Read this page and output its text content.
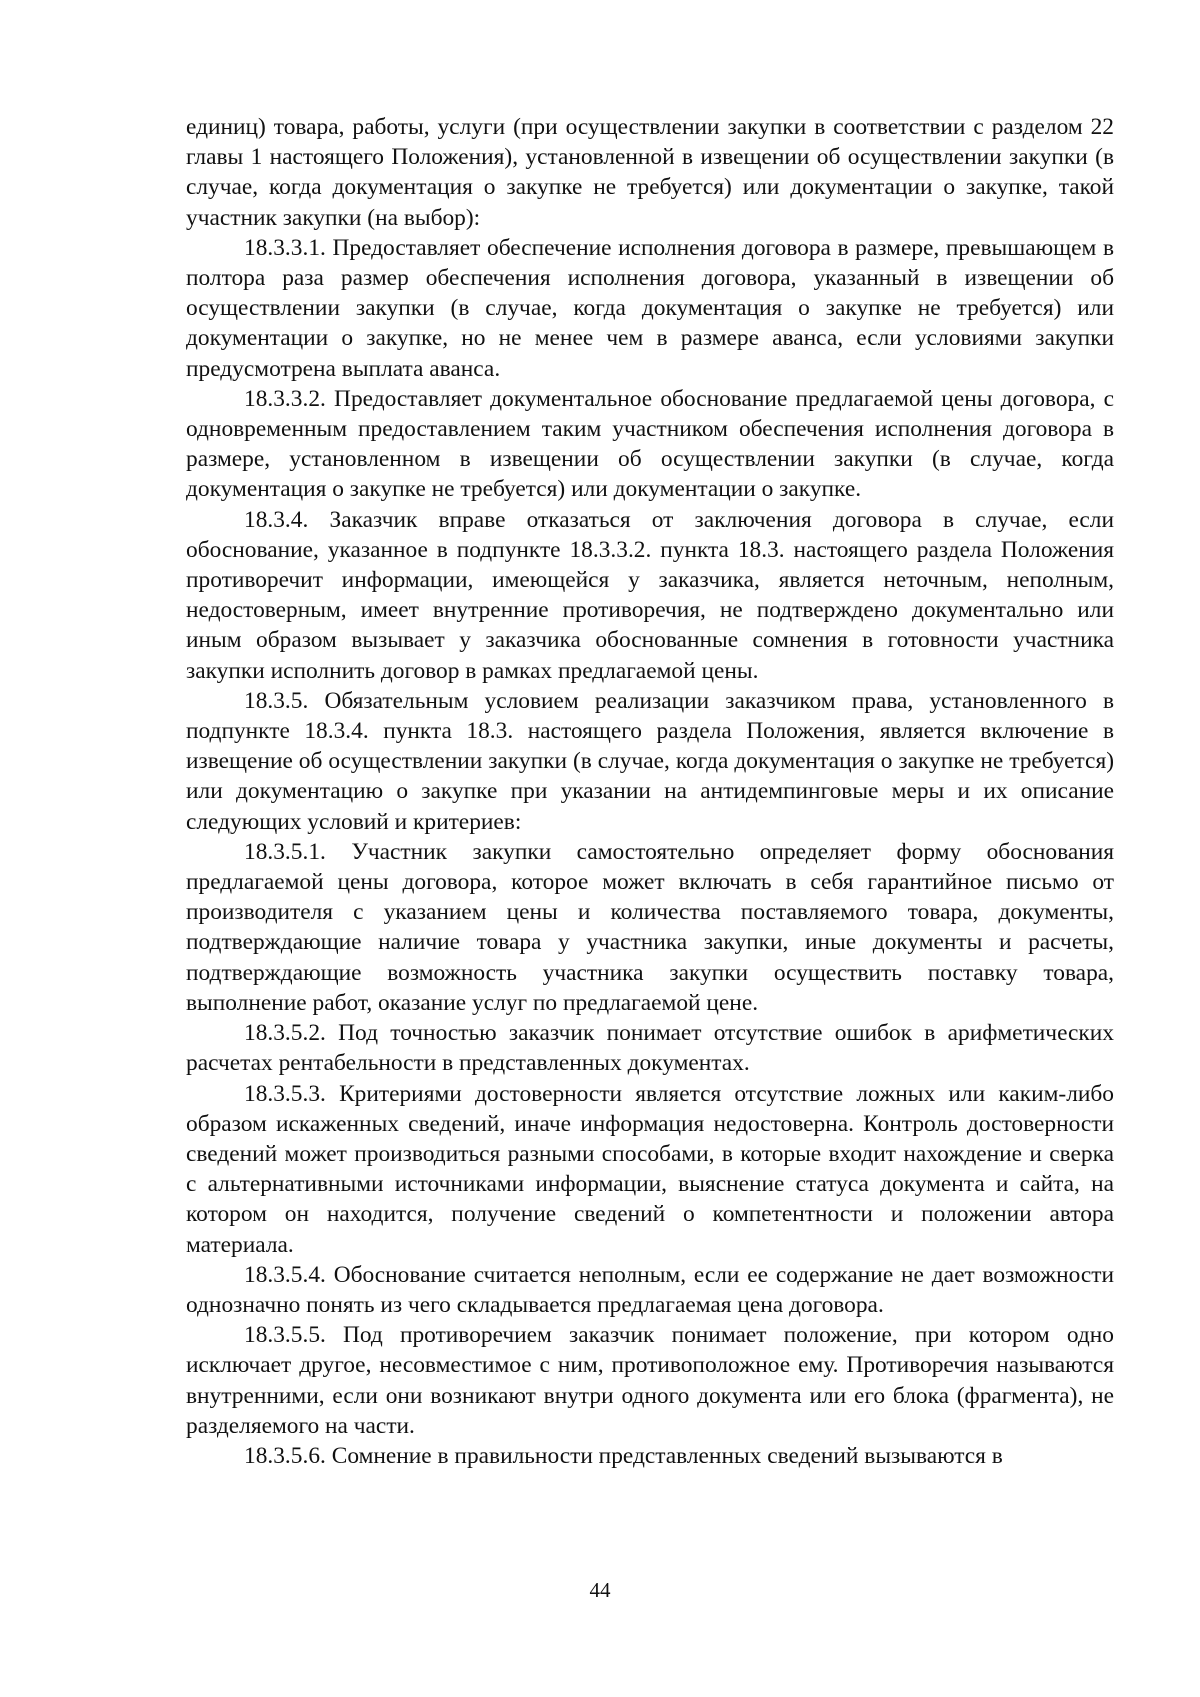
единиц) товара, работы, услуги (при осуществлении закупки в соответствии с разделом 22 главы 1 настоящего Положения), установленной в извещении об осуществлении закупки (в случае, когда документация о закупке не требуется) или документации о закупке, такой участник закупки (на выбор):

18.3.3.1. Предоставляет обеспечение исполнения договора в размере, превышающем в полтора раза размер обеспечения исполнения договора, указанный в извещении об осуществлении закупки (в случае, когда документация о закупке не требуется) или документации о закупке, но не менее чем в размере аванса, если условиями закупки предусмотрена выплата аванса.

18.3.3.2. Предоставляет документальное обоснование предлагаемой цены договора, с одновременным предоставлением таким участником обеспечения исполнения договора в размере, установленном в извещении об осуществлении закупки (в случае, когда документация о закупке не требуется) или документации о закупке.

18.3.4. Заказчик вправе отказаться от заключения договора в случае, если обоснование, указанное в подпункте 18.3.3.2. пункта 18.3. настоящего раздела Положения противоречит информации, имеющейся у заказчика, является неточным, неполным, недостоверным, имеет внутренние противоречия, не подтверждено документально или иным образом вызывает у заказчика обоснованные сомнения в готовности участника закупки исполнить договор в рамках предлагаемой цены.

18.3.5. Обязательным условием реализации заказчиком права, установленного в подпункте 18.3.4. пункта 18.3. настоящего раздела Положения, является включение в извещение об осуществлении закупки (в случае, когда документация о закупке не требуется) или документацию о закупке при указании на антидемпинговые меры и их описание следующих условий и критериев:

18.3.5.1. Участник закупки самостоятельно определяет форму обоснования предлагаемой цены договора, которое может включать в себя гарантийное письмо от производителя с указанием цены и количества поставляемого товара, документы, подтверждающие наличие товара у участника закупки, иные документы и расчеты, подтверждающие возможность участника закупки осуществить поставку товара, выполнение работ, оказание услуг по предлагаемой цене.

18.3.5.2. Под точностью заказчик понимает отсутствие ошибок в арифметических расчетах рентабельности в представленных документах.

18.3.5.3. Критериями достоверности является отсутствие ложных или каким-либо образом искаженных сведений, иначе информация недостоверна. Контроль достоверности сведений может производиться разными способами, в которые входит нахождение и сверка с альтернативными источниками информации, выяснение статуса документа и сайта, на котором он находится, получение сведений о компетентности и положении автора материала.

18.3.5.4. Обоснование считается неполным, если ее содержание не дает возможности однозначно понять из чего складывается предлагаемая цена договора.

18.3.5.5. Под противоречием заказчик понимает положение, при котором одно исключает другое, несовместимое с ним, противоположное ему. Противоречия называются внутренними, если они возникают внутри одного документа или его блока (фрагмента), не разделяемого на части.

18.3.5.6. Сомнение в правильности представленных сведений вызываются в

44
